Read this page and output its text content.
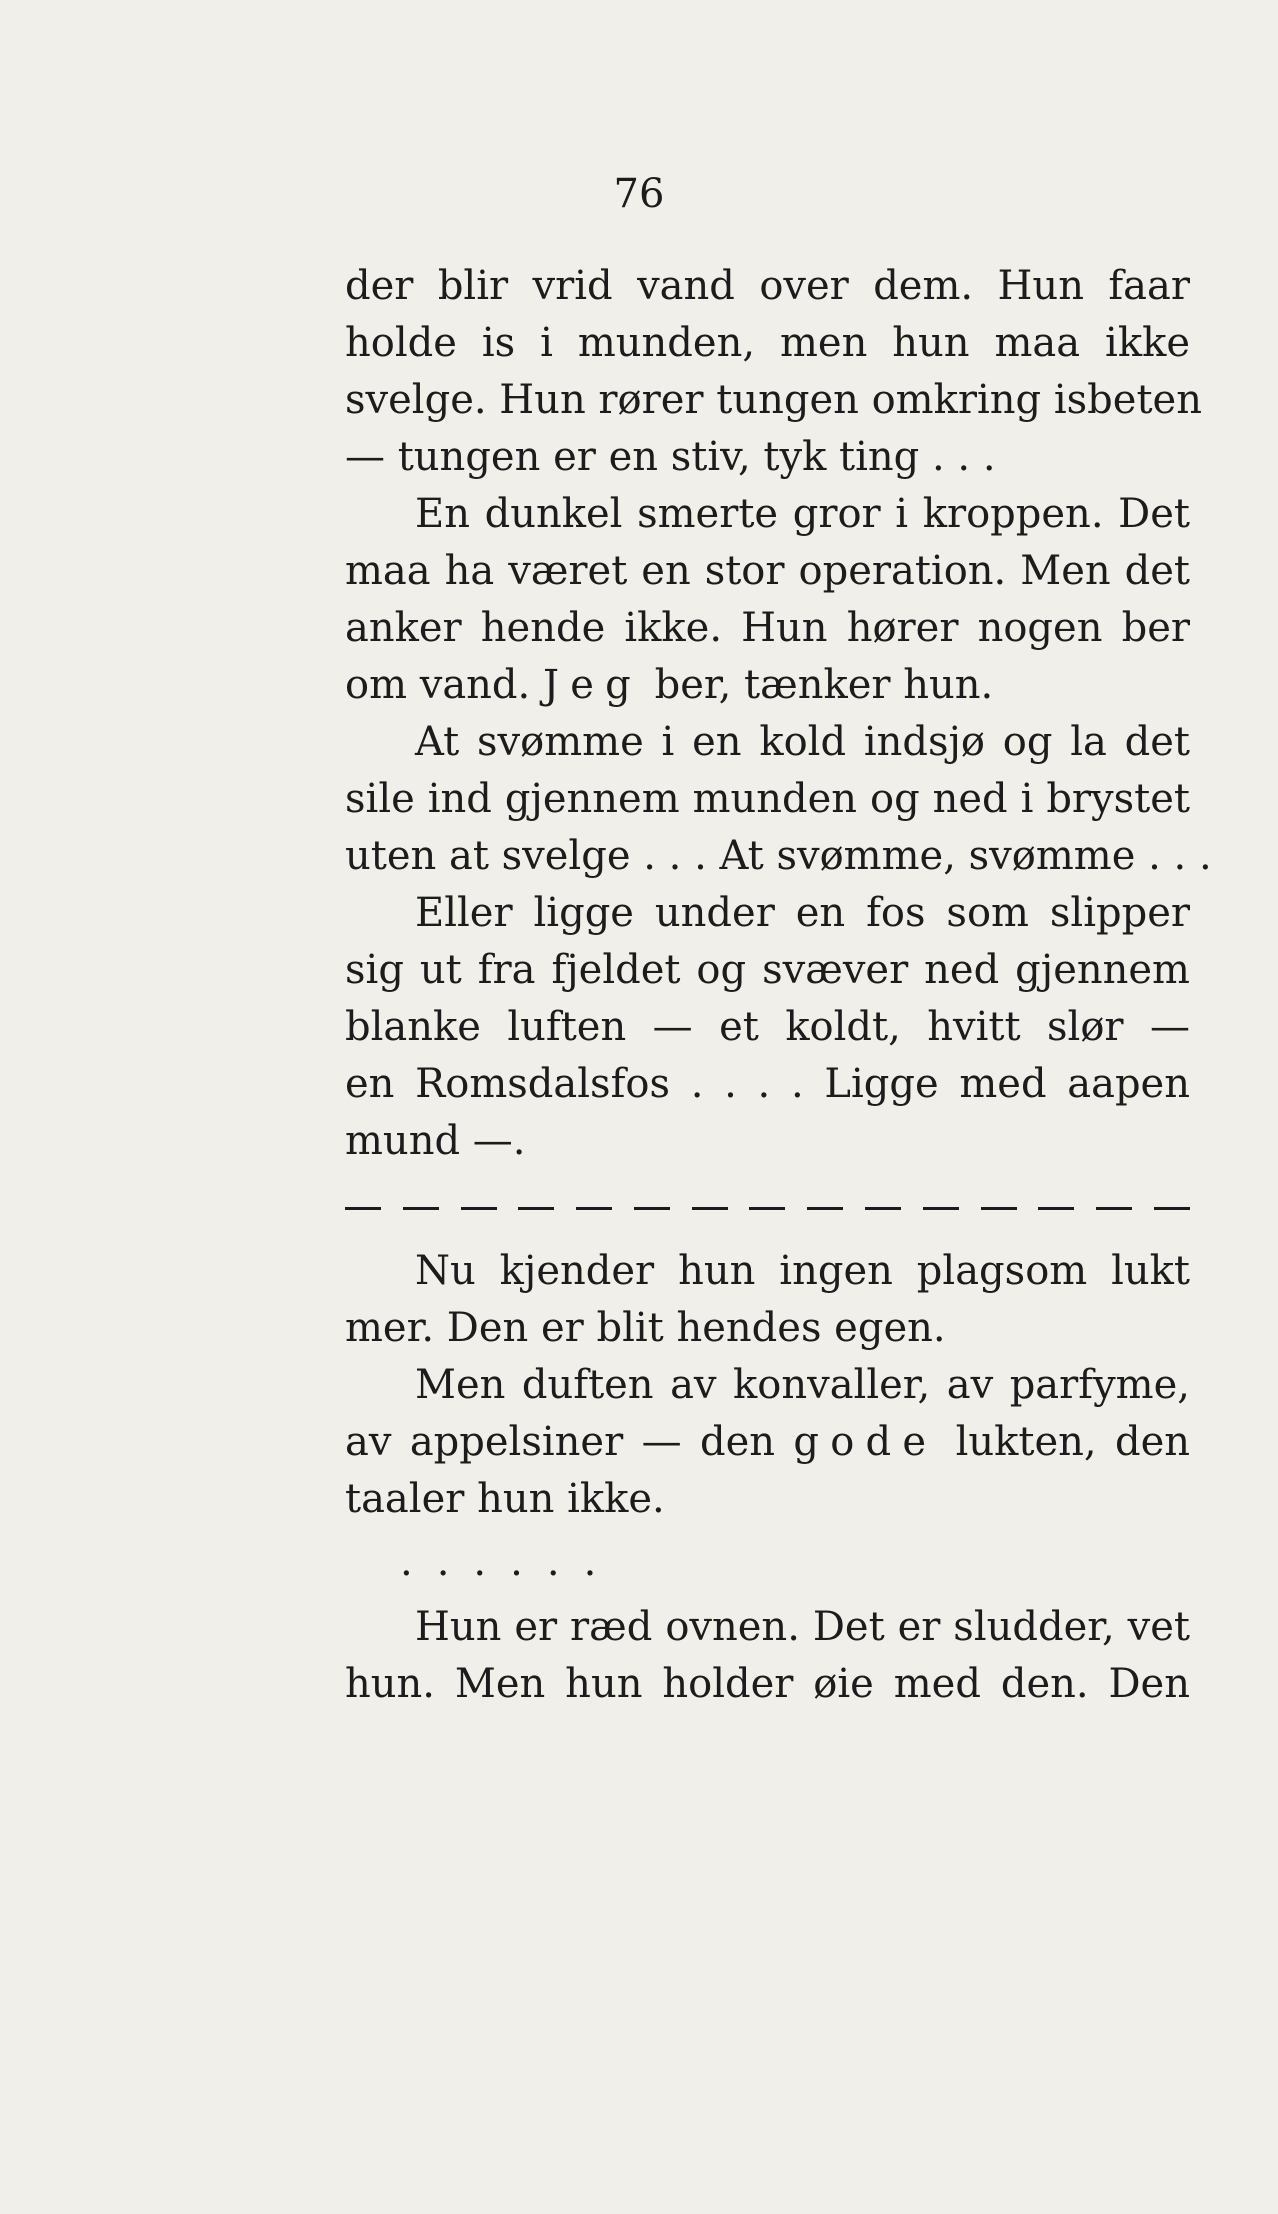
76
der blir vrid vand over dem. Hun faar
holde is i munden, men hun maa ikke
svelge. Hun rører tungen omkring isbeten
— tungen er en stiv, tyk ting . . .
En dunkel smerte gror i kroppen. Det
maa ha været en stor operation. Men det
anker hende ikke. Hun hører nogen ber
om vand. Jeg ber, tænker hun.
At svømme i en kold indsjø og la det
sile ind gjennem munden og ned i brystet
uten at svelge . . . At svømme, svømme . . .
Eller ligge under en fos som slipper
sig ut fra fjeldet og svæver ned gjennem
blanke luften — et koldt, hvitt slør —
en Romsdalsfos . . . . Ligge med aapen
mund —.
Nu kjender hun ingen plagsom lukt
mer. Den er blit hendes egen.
Men duften av konvaller, av parfyme,
av appelsiner — den gode lukten, den
taaler hun ikke.
......
Hun er ræd ovnen. Det er sludder, vet
hun. Men hun holder øie med den. Den
